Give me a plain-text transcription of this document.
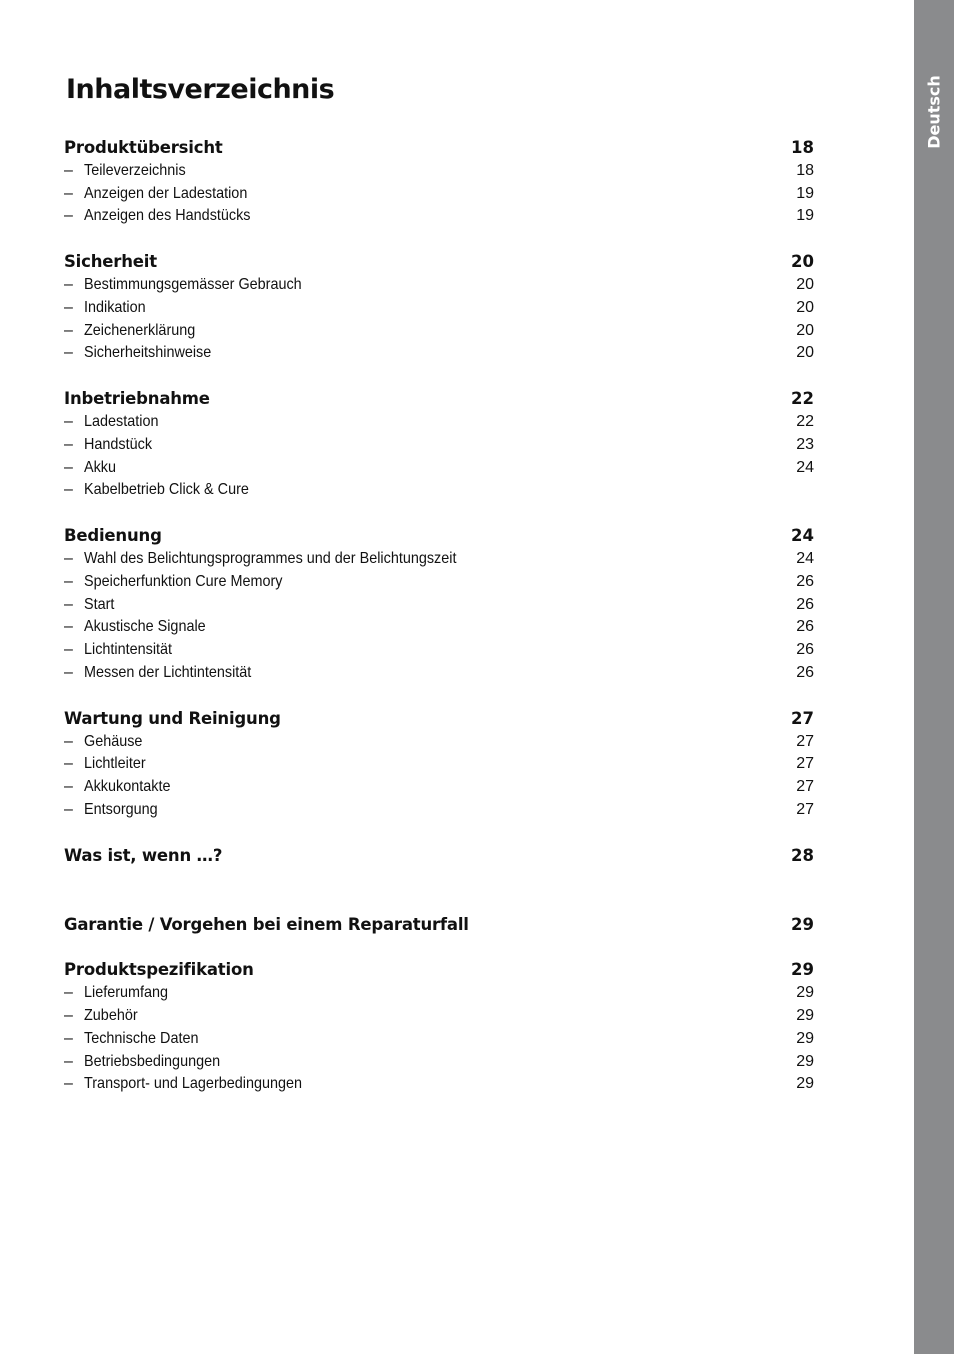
Deutsch
Inhaltsverzeichnis
Produktübersicht	18
– Teileverzeichnis	18
– Anzeigen der Ladestation	19
– Anzeigen des Handstücks	19
Sicherheit	20
– Bestimmungsgemässer Gebrauch	20
– Indikation	20
– Zeichenerklärung	20
– Sicherheitshinweise	20
Inbetriebnahme	22
– Ladestation	22
– Handstück	23
– Akku	24
– Kabelbetrieb Click & Cure
Bedienung	24
– Wahl des Belichtungsprogrammes und der Belichtungszeit	24
– Speicherfunktion Cure Memory	26
– Start	26
– Akustische Signale	26
– Lichtintensität	26
– Messen der Lichtintensität	26
Wartung und Reinigung	27
– Gehäuse	27
– Lichtleiter	27
– Akkukontakte	27
– Entsorgung	27
Was ist, wenn …?	28
Garantie / Vorgehen bei einem Reparaturfall	29
Produktspezifikation	29
– Lieferumfang	29
– Zubehör	29
– Technische Daten	29
– Betriebsbedingungen	29
– Transport- und Lagerbedingungen	29
